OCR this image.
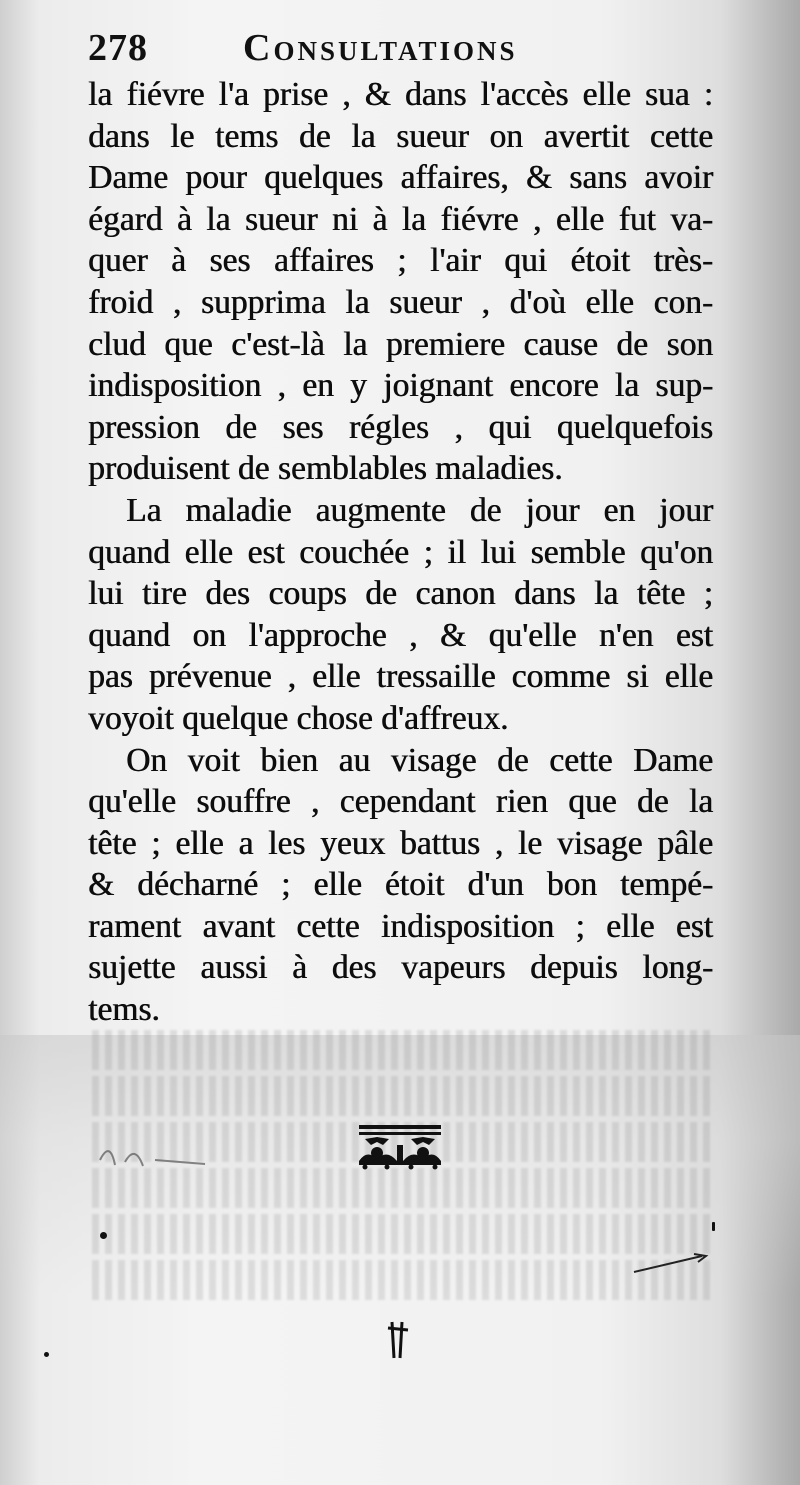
278	Consultations

la fiévre l'a prise , & dans l'accès elle sua :
dans le tems de la sueur on avertit cette
Dame pour quelques affaires, & sans avoir
égard à la sueur ni à la fiévre , elle fut va-
quer à ses affaires ; l'air qui étoit très-
froid , supprima la sueur , d'où elle con-
clud que c'est-là la premiere cause de son
indisposition , en y joignant encore la sup-
pression de ses régles , qui quelquefois
produisent de semblables maladies.

La maladie augmente de jour en jour
quand elle est couchée ; il lui semble qu'on
lui tire des coups de canon dans la tête ;
quand on l'approche , & qu'elle n'en est
pas prévenue , elle tressaille comme si elle
voyoit quelque chose d'affreux.

On voit bien au visage de cette Dame
qu'elle souffre , cependant rien que de la
tête ; elle a les yeux battus , le visage pâle
& décharné ; elle étoit d'un bon tempé-
rament avant cette indisposition ; elle est
sujette aussi à des vapeurs depuis long-
tems.
